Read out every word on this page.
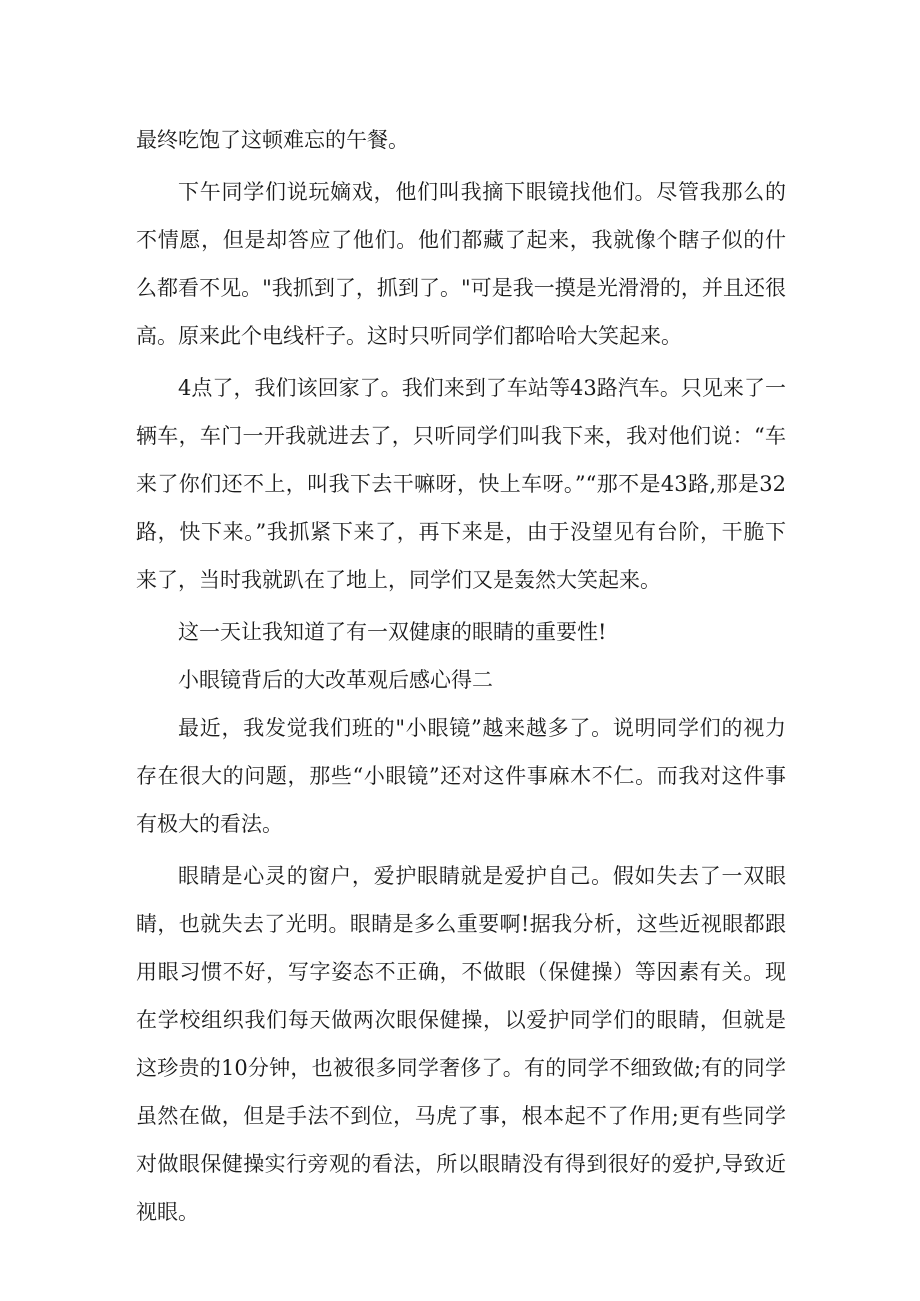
最终吃饱了这顿难忘的午餐。

下午同学们说玩嫡戏，他们叫我摘下眼镜找他们。尽管我那么的不情愿，但是却答应了他们。他们都藏了起来，我就像个瞎子似的什么都看不见。"我抓到了，抓到了。"可是我一摸是光滑滑的，并且还很高。原来此个电线杆子。这时只听同学们都哈哈大笑起来。

4点了，我们该回家了。我们来到了车站等43路汽车。只见来了一辆车，车门一开我就进去了，只听同学们叫我下来，我对他们说：“车来了你们还不上，叫我下去干嘛呀，快上车呀。”“那不是43路,那是32路，快下来。”我抓紧下来了，再下来是，由于没望见有台阶，干脆下来了，当时我就趴在了地上，同学们又是轰然大笑起来。

这一天让我知道了有一双健康的眼睛的重要性!

小眼镜背后的大改革观后感心得二

最近，我发觉我们班的"小眼镜”越来越多了。说明同学们的视力存在很大的问题，那些“小眼镜”还对这件事麻木不仁。而我对这件事有极大的看法。

眼睛是心灵的窗户，爱护眼睛就是爱护自己。假如失去了一双眼睛，也就失去了光明。眼睛是多么重要啊!据我分析，这些近视眼都跟用眼习惯不好，写字姿态不正确，不做眼（保健操）等因素有关。现在学校组织我们每天做两次眼保健操，以爱护同学们的眼睛，但就是这珍贵的10分钟，也被很多同学奢侈了。有的同学不细致做;有的同学虽然在做，但是手法不到位，马虎了事，根本起不了作用;更有些同学对做眼保健操实行旁观的看法，所以眼睛没有得到很好的爱护,导致近视眼。
